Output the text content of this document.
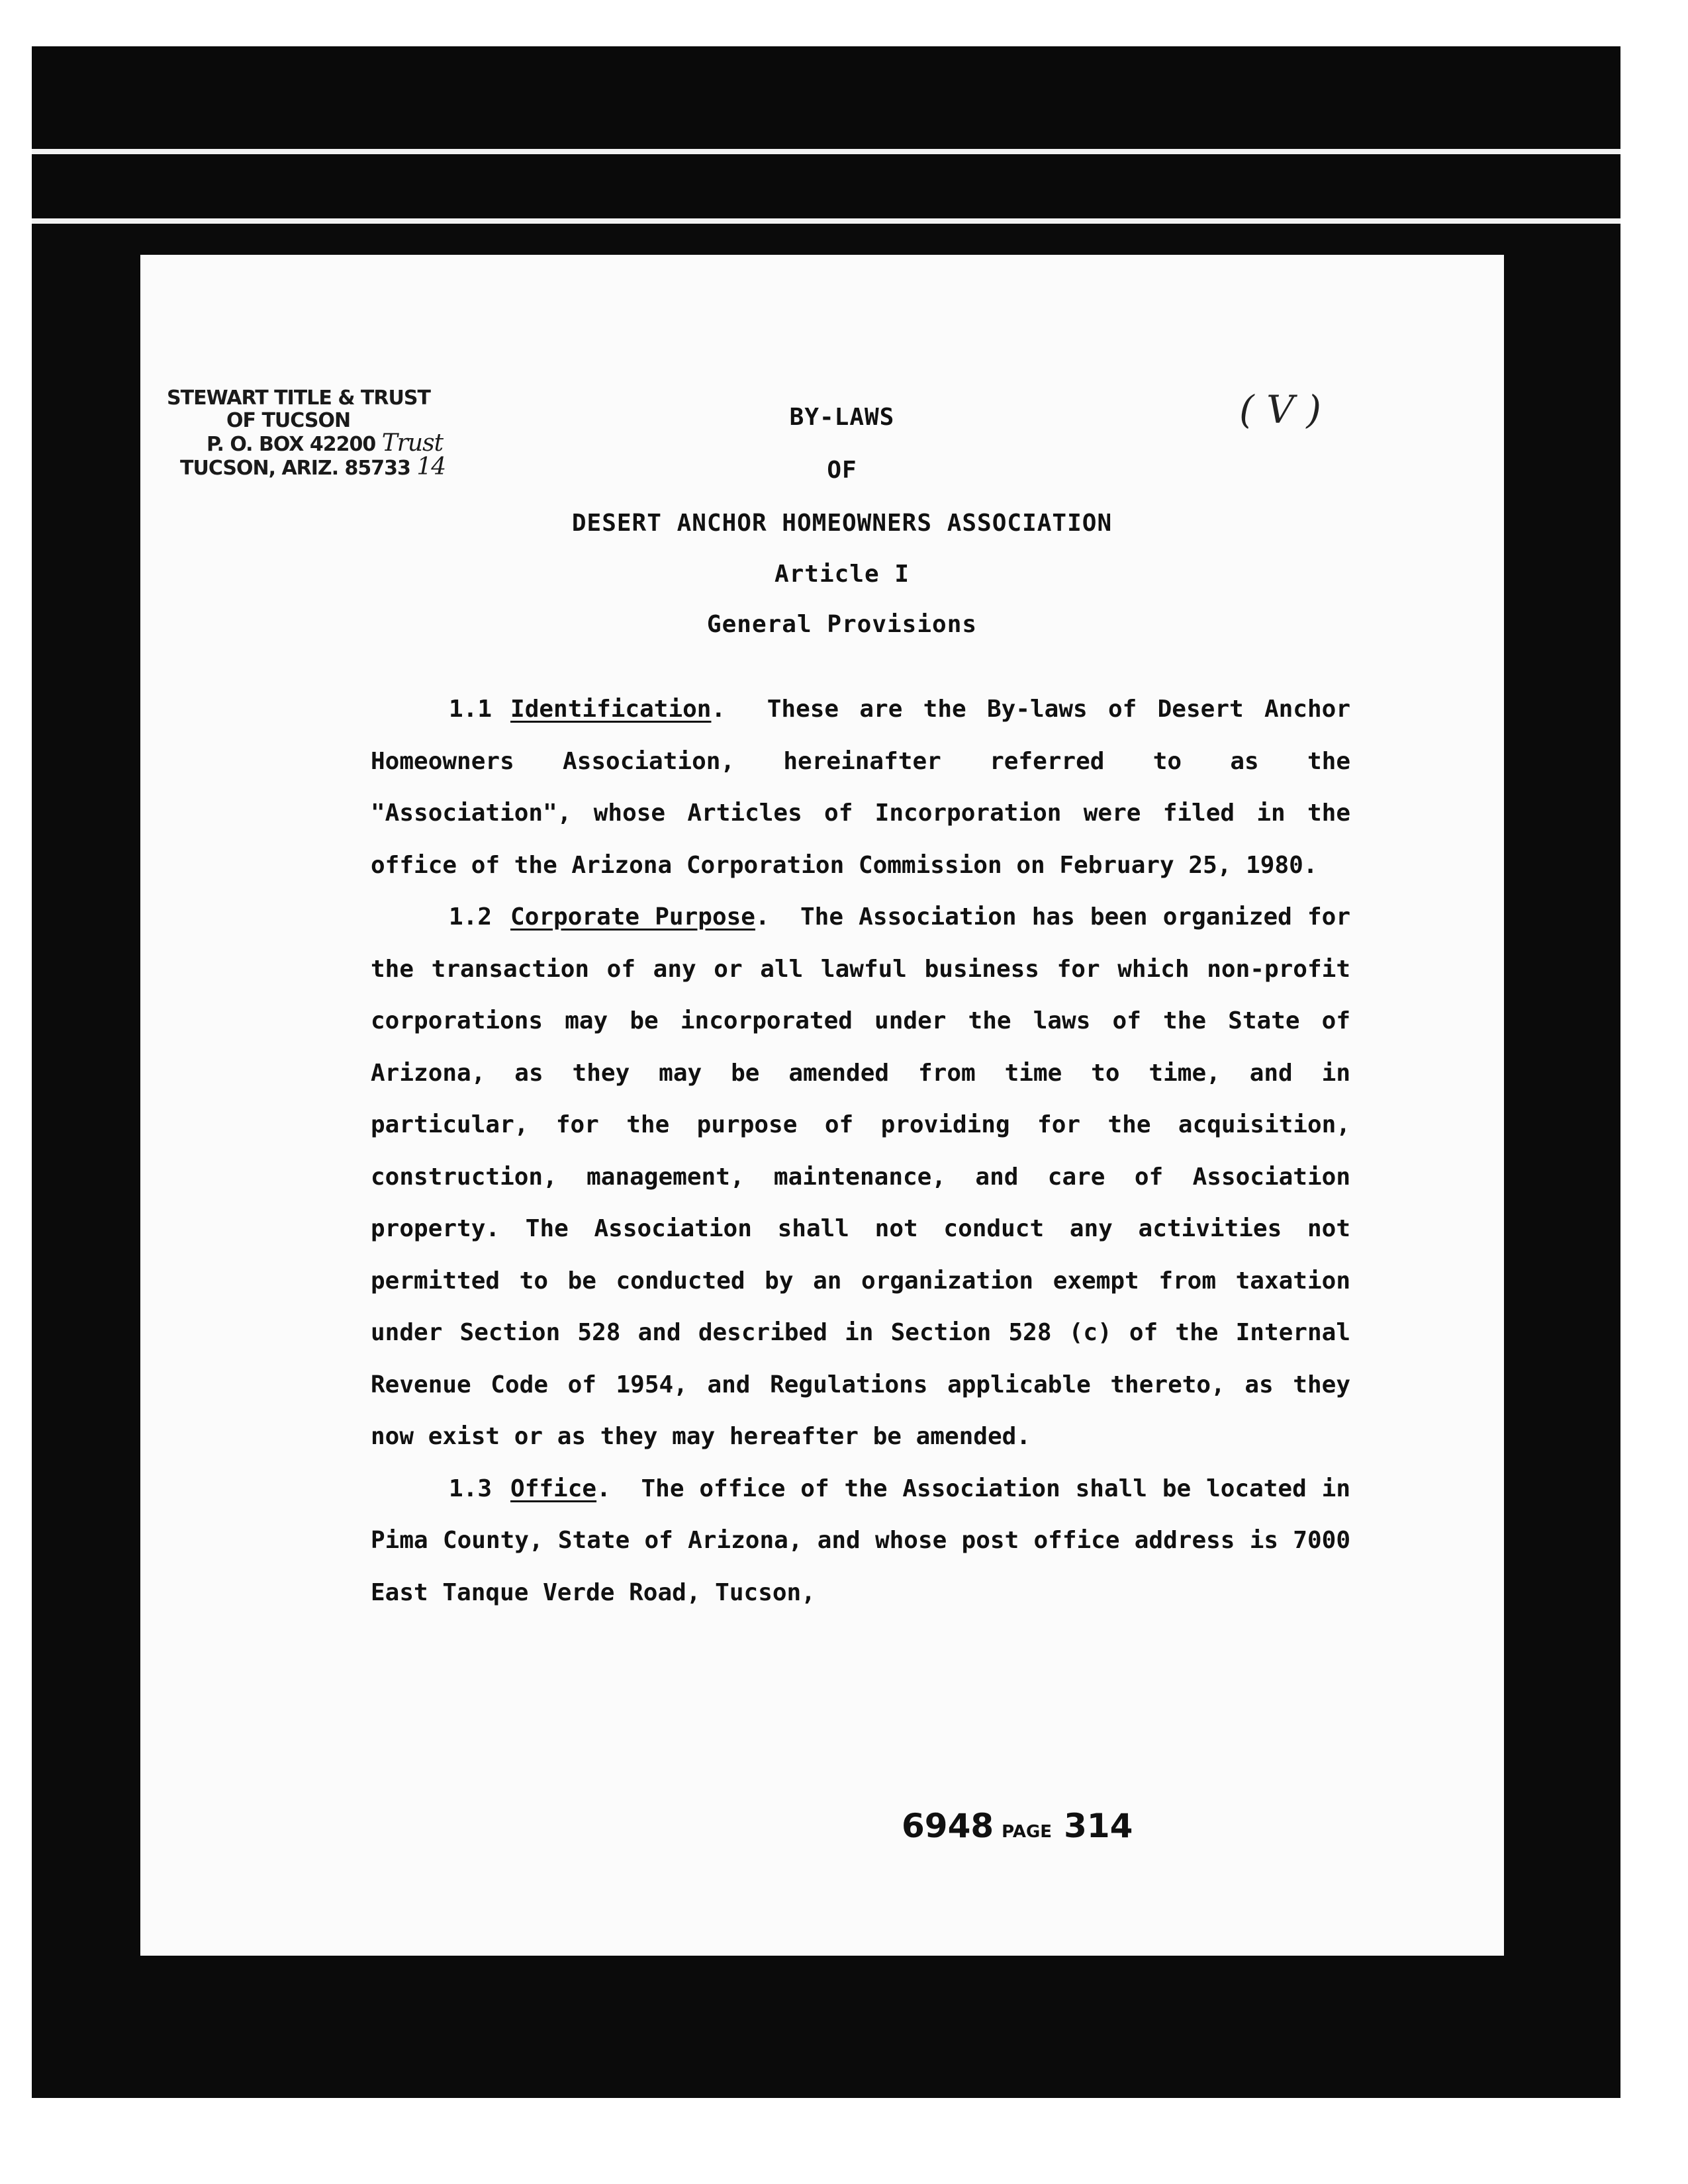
STEWART TITLE & TRUST
OF TUCSON
P. O. BOX 42200 Trust
TUCSON, ARIZ. 85733 14
( V )
BY-LAWS
OF
DESERT ANCHOR HOMEOWNERS ASSOCIATION
Article I
General Provisions

1.1 Identification.  These are the By-laws of Desert Anchor Homeowners Association, hereinafter referred to as the "Association", whose Articles of Incorporation were filed in the office of the Arizona Corporation Commission on February 25, 1980.

1.2 Corporate Purpose.  The Association has been organized for the transaction of any or all lawful business for which non-profit corporations may be incorporated under the laws of the State of Arizona, as they may be amended from time to time, and in particular, for the purpose of providing for the acquisition, construction, management, maintenance, and care of Association property. The Association shall not conduct any activities not permitted to be conducted by an organization exempt from taxation under Section 528 and described in Section 528 (c) of the Internal Revenue Code of 1954, and Regulations applicable thereto, as they now exist or as they may hereafter be amended.

1.3 Office.  The office of the Association shall be located in Pima County, State of Arizona, and whose post office address is 7000 East Tanque Verde Road, Tucson,

6948 PAGE 314
